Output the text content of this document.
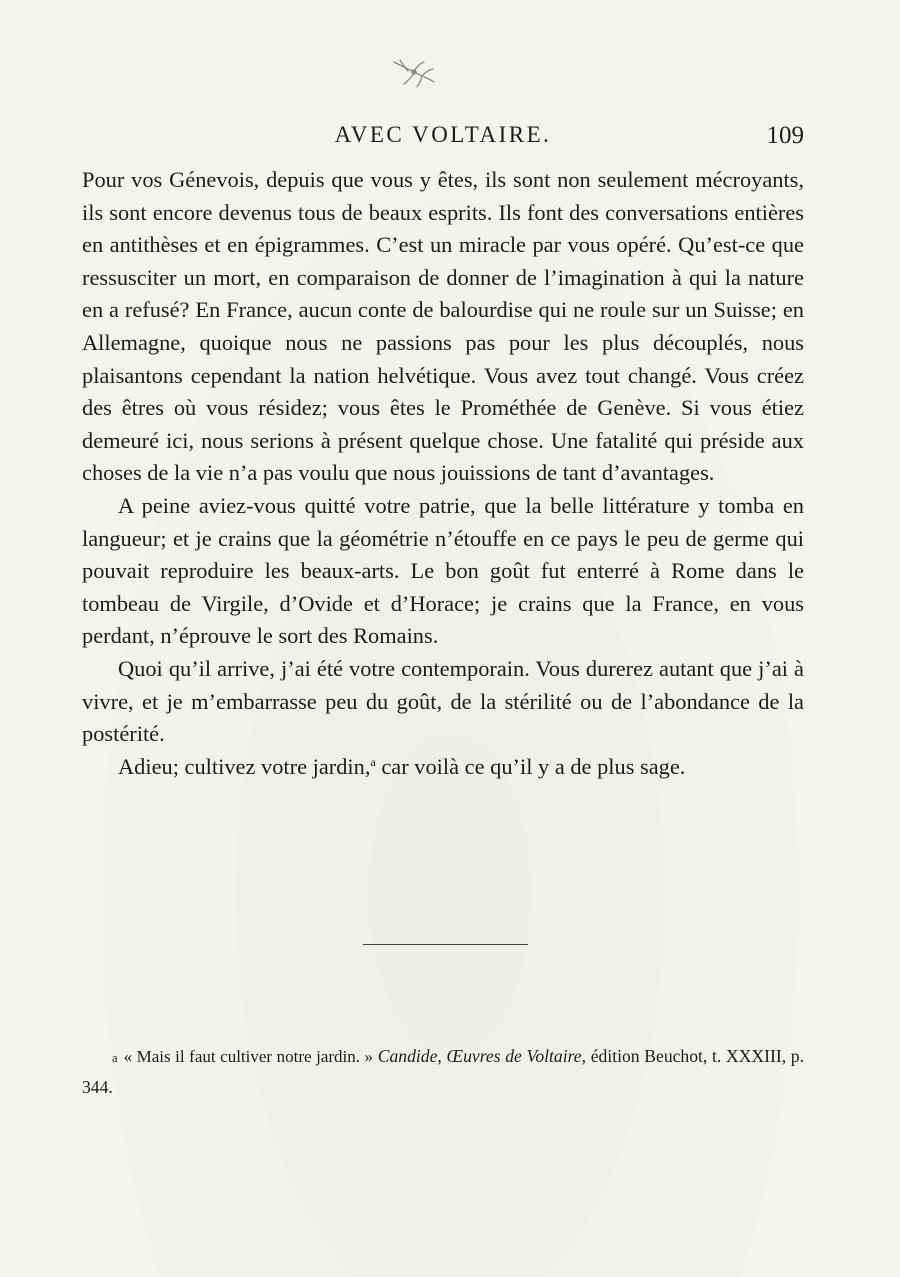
AVEC VOLTAIRE.	109

Pour vos Génevois, depuis que vous y êtes, ils sont non seulement mécroyants, ils sont encore devenus tous de beaux esprits. Ils font des conversations entières en antithèses et en épigrammes. C’est un miracle par vous opéré. Qu’est-ce que ressusciter un mort, en comparaison de donner de l’imagination à qui la nature en a refusé? En France, aucun conte de balourdise qui ne roule sur un Suisse; en Allemagne, quoique nous ne passions pas pour les plus découplés, nous plaisantons cependant la nation helvétique. Vous avez tout changé. Vous créez des êtres où vous résidez; vous êtes le Prométhée de Genève. Si vous étiez demeuré ici, nous serions à présent quelque chose. Une fatalité qui préside aux choses de la vie n’a pas voulu que nous jouissions de tant d’avantages.

A peine aviez-vous quitté votre patrie, que la belle littérature y tomba en langueur; et je crains que la géométrie n’étouffe en ce pays le peu de germe qui pouvait reproduire les beaux-arts. Le bon goût fut enterré à Rome dans le tombeau de Virgile, d’Ovide et d’Horace; je crains que la France, en vous perdant, n’éprouve le sort des Romains.

Quoi qu’il arrive, j’ai été votre contemporain. Vous durerez autant que j’ai à vivre, et je m’embarrasse peu du goût, de la stérilité ou de l’abondance de la postérité.

Adieu; cultivez votre jardin,$^a$ car voilà ce qu’il y a de plus sage.

a « Mais il faut cultiver notre jardin. » Candide, Œuvres de Voltaire, édition Beuchot, t. XXXIII, p. 344.
